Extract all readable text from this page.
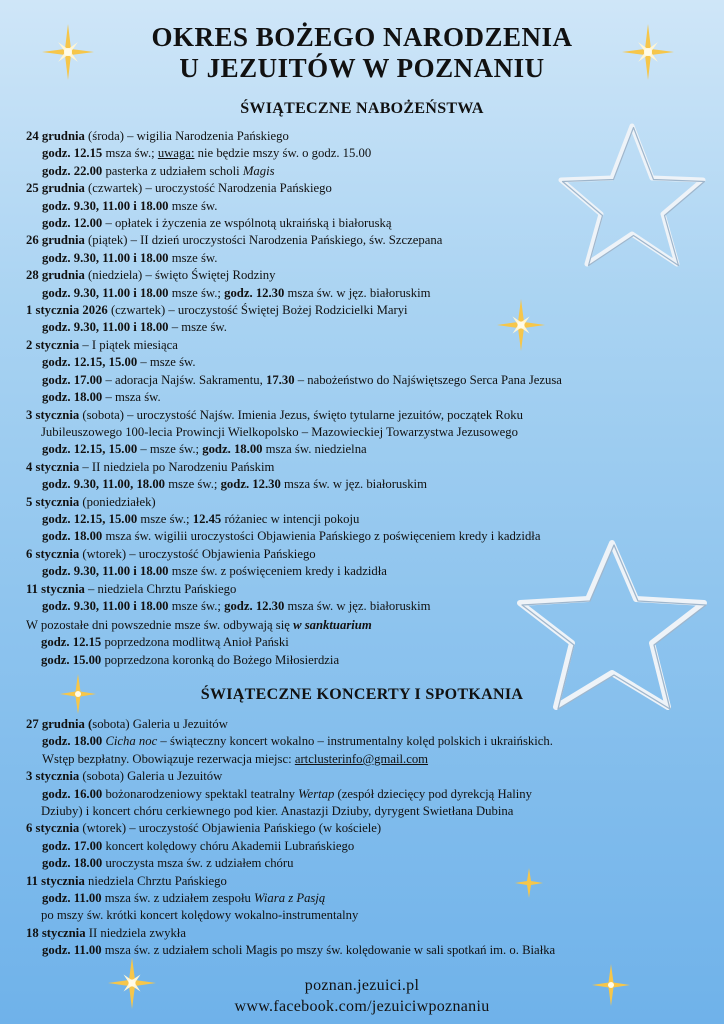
OKRES BOŻEGO NARODZENIA
U JEZUITÓW W POZNANIU
ŚWIĄTECZNE NABOŻEŃSTWA
24 grudnia (środa) – wigilia Narodzenia Pańskiego
godz. 12.15 msza św.; uwaga: nie będzie mszy św. o godz. 15.00
godz. 22.00 pasterka z udziałem scholi Magis
25 grudnia (czwartek) – uroczystość Narodzenia Pańskiego
godz. 9.30, 11.00 i 18.00 msze św.
godz. 12.00 – opłatek i życzenia ze wspólnotą ukraińską i białoruską
26 grudnia (piątek) – II dzień uroczystości Narodzenia Pańskiego, św. Szczepana
godz. 9.30, 11.00 i 18.00 msze św.
28 grudnia (niedziela) – święto Świętej Rodziny
godz. 9.30, 11.00 i 18.00 msze św.; godz. 12.30 msza św. w jęz. białoruskim
1 stycznia 2026 (czwartek) – uroczystość Świętej Bożej Rodzicielki Maryi
godz. 9.30, 11.00 i 18.00 – msze św.
2 stycznia – I piątek miesiąca
godz. 12.15, 15.00 – msze św.
godz. 17.00 – adoracja Najśw. Sakramentu, 17.30 – nabożeństwo do Najświętszego Serca Pana Jezusa
godz. 18.00 – msza św.
3 stycznia (sobota) – uroczystość Najśw. Imienia Jezus, święto tytularne jezuitów, początek Roku
Jubileuszowego 100-lecia Prowincji Wielkopolsko – Mazowieckiej Towarzystwa Jezusowego
godz. 12.15, 15.00 – msze św.; godz. 18.00 msza św. niedzielna
4 stycznia – II niedziela po Narodzeniu Pańskim
godz. 9.30, 11.00, 18.00 msze św.; godz. 12.30 msza św. w jęz. białoruskim
5 stycznia (poniedziałek)
godz. 12.15, 15.00 msze św.; 12.45 różaniec w intencji pokoju
godz. 18.00 msza św. wigilii uroczystości Objawienia Pańskiego z poświęceniem kredy i kadzidła
6 stycznia (wtorek) – uroczystość Objawienia Pańskiego
godz. 9.30, 11.00 i 18.00 msze św. z poświęceniem kredy i kadzidła
11 stycznia – niedziela Chrztu Pańskiego
godz. 9.30, 11.00 i 18.00 msze św.; godz. 12.30 msza św. w jęz. białoruskim
W pozostałe dni powszednie msze św. odbywają się w sanktuarium
godz. 12.15 poprzedzona modlitwą Anioł Pański
godz. 15.00 poprzedzona koronką do Bożego Miłosierdzia
ŚWIĄTECZNE KONCERTY I SPOTKANIA
27 grudnia (sobota) Galeria u Jezuitów
godz. 18.00 Cicha noc – świąteczny koncert wokalno – instrumentalny kolęd polskich i ukraińskich.
Wstęp bezpłatny. Obowiązuje rezerwacja miejsc: artclusterinfo@gmail.com
3 stycznia (sobota) Galeria u Jezuitów
godz. 16.00 bożonarodzeniowy spektakl teatralny Wertap (zespół dziecięcy pod dyrekcją Haliny
Dziuby) i koncert chóru cerkiewnego pod kier. Anastazji Dziuby, dyrygent Swietłana Dubina
6 stycznia (wtorek) – uroczystość Objawienia Pańskiego (w kościele)
godz. 17.00 koncert kolędowy chóru Akademii Lubrańskiego
godz. 18.00 uroczysta msza św. z udziałem chóru
11 stycznia niedziela Chrztu Pańskiego
godz. 11.00 msza św. z udziałem zespołu Wiara z Pasją
po mszy św. krótki koncert kolędowy wokalno-instrumentalny
18 stycznia II niedziela zwykła
godz. 11.00 msza św. z udziałem scholi Magis po mszy św. kolędowanie w sali spotkań im. o. Białka
poznan.jezuici.pl
www.facebook.com/jezuiciwpoznaniu
